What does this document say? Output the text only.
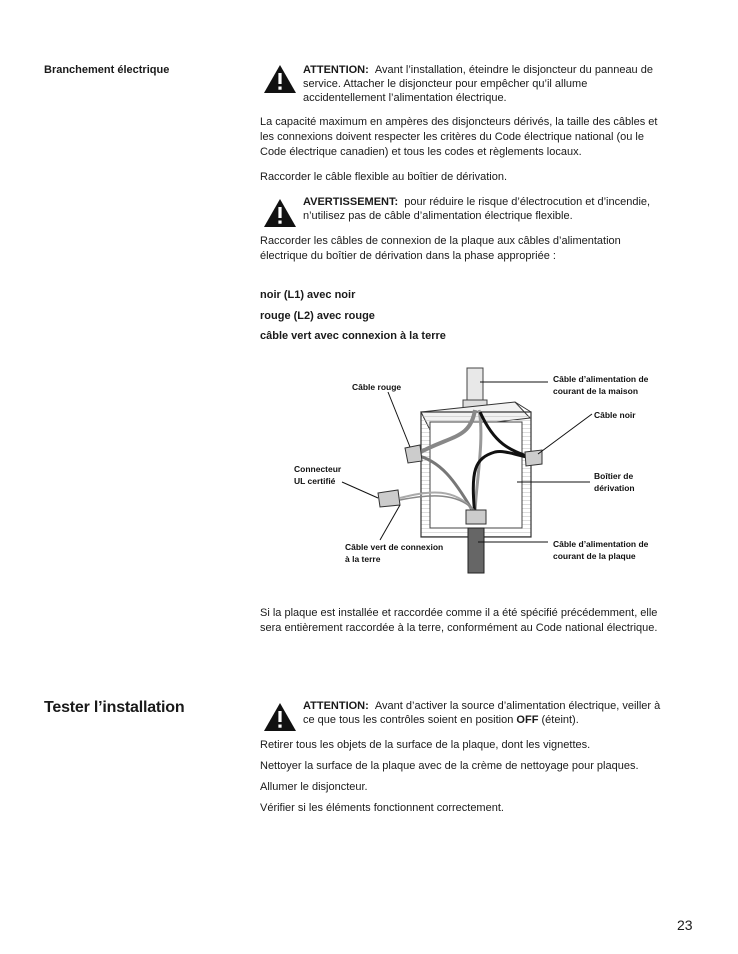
Branchement électrique	ATTENTION: Avant l’installation, éteindre le disjoncteur du panneau de
service. Attacher le disjoncteur pour empêcher qu’il allume
accidentellement l’alimentation électrique.
La capacité maximum en ampères des disjoncteurs dérivés, la taille des câbles et
les connexions doivent respecter les critères du Code électrique national (ou le
Code électrique canadien) et tous les codes et règlements locaux.
Raccorder le câble flexible au boîtier de dérivation.
AVERTISSEMENT: pour réduire le risque d’électrocution et d’incendie,
n’utilisez pas de câble d’alimentation électrique flexible.
Raccorder les câbles de connexion de la plaque aux câbles d’alimentation
électrique du boîtier de dérivation dans la phase appropriée :
noir (L1) avec noir
rouge (L2) avec rouge
câble vert avec connexion à la terre
Câble rouge
Câble d’alimentation de
courant de la maison
Câble noir
Connecteur
UL certifié	Boîtier de
dérivation
Câble vert de connexion
à la terre
Câble d’alimentation de
courant de la plaque
Si la plaque est installée et raccordée comme il a été spécifié précédemment, elle
sera entièrement raccordée à la terre, conformément au Code national électrique.
Tester l’installation	ATTENTION: Avant d’activer la source d’alimentation électrique, veiller à
ce que tous les contrôles soient en position OFF (éteint).
Retirer tous les objets de la surface de la plaque, dont les vignettes.
Nettoyer la surface de la plaque avec de la crème de nettoyage pour plaques.
Allumer le disjoncteur.
Vérifier si les éléments fonctionnent correctement.
23
